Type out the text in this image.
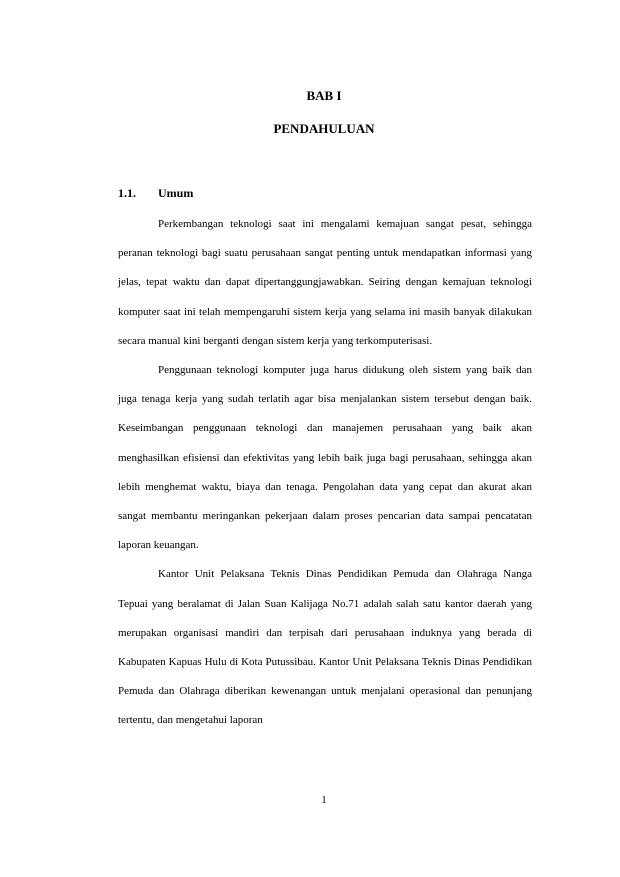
BAB I
PENDAHULUAN
1.1. Umum

Perkembangan teknologi saat ini mengalami kemajuan sangat pesat, sehingga peranan teknologi bagi suatu perusahaan sangat penting untuk mendapatkan informasi yang jelas, tepat waktu dan dapat dipertanggungjawabkan. Seiring dengan kemajuan teknologi komputer saat ini telah mempengaruhi sistem kerja yang selama ini masih banyak dilakukan secara manual kini berganti dengan sistem kerja yang terkomputerisasi.

Penggunaan teknologi komputer juga harus didukung oleh sistem yang baik dan juga tenaga kerja yang sudah terlatih agar bisa menjalankan sistem tersebut dengan baik. Keseimbangan penggunaan teknologi dan manajemen perusahaan yang baik akan menghasilkan efisiensi dan efektivitas yang lebih baik juga bagi perusahaan, sehingga akan lebih menghemat waktu, biaya dan tenaga. Pengolahan data yang cepat dan akurat akan sangat membantu meringankan pekerjaan dalam proses pencarian data sampai pencatatan laporan keuangan.

Kantor Unit Pelaksana Teknis Dinas Pendidikan Pemuda dan Olahraga Nanga Tepuai yang beralamat di Jalan Suan Kalijaga No.71 adalah salah satu kantor daerah yang merupakan organisasi mandiri dan terpisah dari perusahaan induknya yang berada di Kabupaten Kapuas Hulu di Kota Putussibau. Kantor Unit Pelaksana Teknis Dinas Pendidikan Pemuda dan Olahraga diberikan kewenangan untuk menjalani operasional dan penunjang tertentu, dan mengetahui laporan

1
